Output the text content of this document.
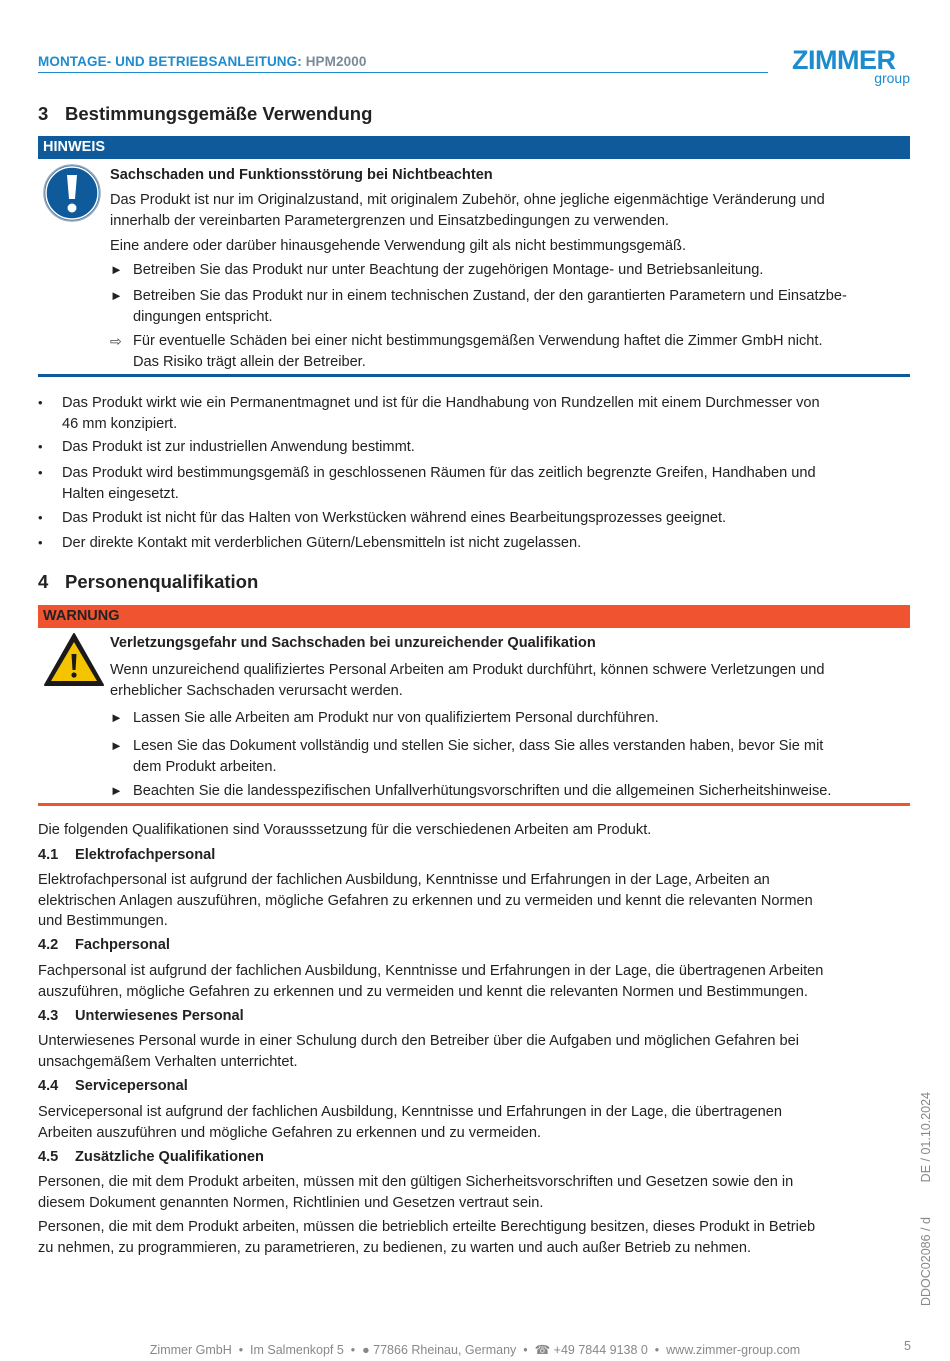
MONTAGE- UND BETRIEBSANLEITUNG: HPM2000	ZIMMER
group
3 Bestimmungsgemäße Verwendung
HINWEIS
Sachschaden und Funktionsstörung bei Nichtbeachten
Das Produkt ist nur im Originalzustand, mit originalem Zubehör, ohne jegliche eigenmächtige Veränderung und
innerhalb der vereinbarten Parametergrenzen und Einsatzbedingungen zu verwenden.
Eine andere oder darüber hinausgehende Verwendung gilt als nicht bestimmungsgemäß.
► Betreiben Sie das Produkt nur unter Beachtung der zugehörigen Montage- und Betriebsanleitung.
► Betreiben Sie das Produkt nur in einem technischen Zustand, der den garantierten Parametern und Einsatzbe-
dingungen entspricht.
⇨ Für eventuelle Schäden bei einer nicht bestimmungsgemäßen Verwendung haftet die Zimmer GmbH nicht.
Das Risiko trägt allein der Betreiber.
• Das Produkt wirkt wie ein Permanentmagnet und ist für die Handhabung von Rundzellen mit einem Durchmesser von
46 mm konzipiert.
• Das Produkt ist zur industriellen Anwendung bestimmt.
• Das Produkt wird bestimmungsgemäß in geschlossenen Räumen für das zeitlich begrenzte Greifen, Handhaben und
Halten eingesetzt.
• Das Produkt ist nicht für das Halten von Werkstücken während eines Bearbeitungsprozesses geeignet.
• Der direkte Kontakt mit verderblichen Gütern/Lebensmitteln ist nicht zugelassen.
4 Personenqualifikation
WARNUNG
Verletzungsgefahr und Sachschaden bei unzureichender Qualifikation
Wenn unzureichend qualifiziertes Personal Arbeiten am Produkt durchführt, können schwere Verletzungen und
erheblicher Sachschaden verursacht werden.
► Lassen Sie alle Arbeiten am Produkt nur von qualifiziertem Personal durchführen.
► Lesen Sie das Dokument vollständig und stellen Sie sicher, dass Sie alles verstanden haben, bevor Sie mit
dem Produkt arbeiten.
► Beachten Sie die landesspezifischen Unfallverhütungsvorschriften und die allgemeinen Sicherheitshinweise.
Die folgenden Qualifikationen sind Vorausssetzung für die verschiedenen Arbeiten am Produkt.
4.1 Elektrofachpersonal
Elektrofachpersonal ist aufgrund der fachlichen Ausbildung, Kenntnisse und Erfahrungen in der Lage, Arbeiten an
elektrischen Anlagen auszuführen, mögliche Gefahren zu erkennen und zu vermeiden und kennt die relevanten Normen
und Bestimmungen.
4.2 Fachpersonal
Fachpersonal ist aufgrund der fachlichen Ausbildung, Kenntnisse und Erfahrungen in der Lage, die übertragenen Arbeiten
auszuführen, mögliche Gefahren zu erkennen und zu vermeiden und kennt die relevanten Normen und Bestimmungen.
4.3 Unterwiesenes Personal
Unterwiesenes Personal wurde in einer Schulung durch den Betreiber über die Aufgaben und möglichen Gefahren bei
unsachgemäßem Verhalten unterrichtet.
4.4 Servicepersonal
Servicepersonal ist aufgrund der fachlichen Ausbildung, Kenntnisse und Erfahrungen in der Lage, die übertragenen
Arbeiten auszuführen und mögliche Gefahren zu erkennen und zu vermeiden.
4.5 Zusätzliche Qualifikationen
Personen, die mit dem Produkt arbeiten, müssen mit den gültigen Sicherheitsvorschriften und Gesetzen sowie den in
diesem Dokument genannten Normen, Richtlinien und Gesetzen vertraut sein.
Personen, die mit dem Produkt arbeiten, müssen die betrieblich erteilte Berechtigung besitzen, dieses Produkt in Betrieb
zu nehmen, zu programmieren, zu parametrieren, zu bedienen, zu warten und auch außer Betrieb zu nehmen.	DDOC02086 / d          DE / 01.10.2024
Zimmer GmbH  •  Im Salmenkopf 5  •  ● 77866 Rheinau, Germany  •  ☎ +49 7844 9138 0  •  www.zimmer-group.com	5
